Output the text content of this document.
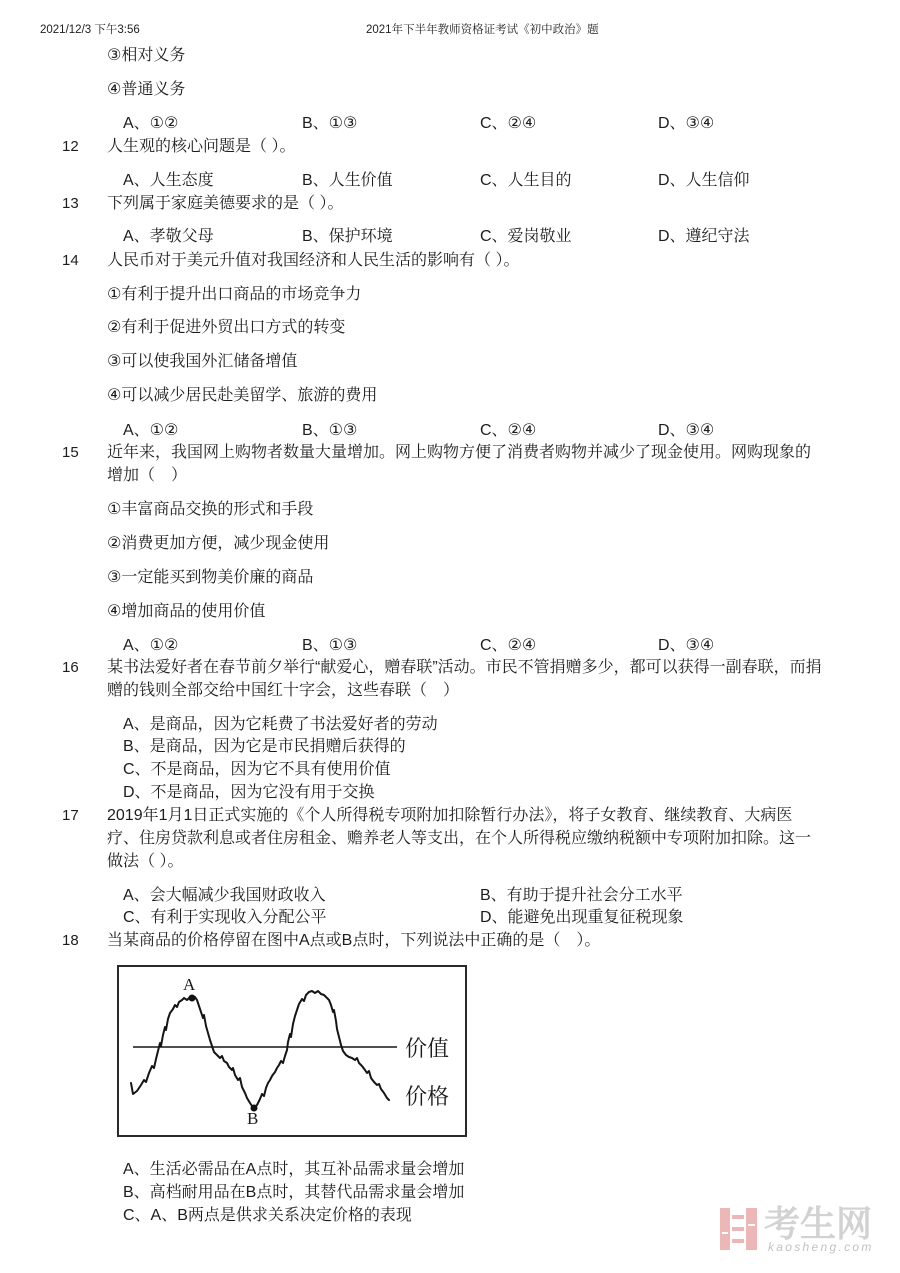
2021/12/3 下午3:56	2021年下半年教师资格证考试《初中政治》题
③相对义务
④普通义务
A、①②	B、①③	C、②④	D、③④
12 人生观的核心问题是（ ）。
A、人生态度	B、人生价值	C、人生目的	D、人生信仰
13 下列属于家庭美德要求的是（ ）。
A、孝敬父母	B、保护环境	C、爱岗敬业	D、遵纪守法
14 人民币对于美元升值对我国经济和人民生活的影响有（ ）。
①有利于提升出口商品的市场竞争力
②有利于促进外贸出口方式的转变
③可以使我国外汇储备增值
④可以减少居民赴美留学、旅游的费用
A、①②	B、①③	C、②④	D、③④
15 近年来，我国网上购物者数量大量增加。网上购物方便了消费者购物并减少了现金使用。网购现象的
增加（　）
①丰富商品交换的形式和手段
②消费更加方便，减少现金使用
③一定能买到物美价廉的商品
④增加商品的使用价值
A、①②	B、①③	C、②④	D、③④
16 某书法爱好者在春节前夕举行“献爱心，赠春联”活动。市民不管捐赠多少，都可以获得一副春联，而捐
赠的钱则全部交给中国红十字会，这些春联（　）
A、是商品，因为它耗费了书法爱好者的劳动
B、是商品，因为它是市民捐赠后获得的
C、不是商品，因为它不具有使用价值
D、不是商品，因为它没有用于交换
17 2019年1月1日正式实施的《个人所得税专项附加扣除暂行办法》，将子女教育、继续教育、大病医
疗、住房贷款利息或者住房租金、赡养老人等支出，在个人所得税应缴纳税额中专项附加扣除。这一
做法（ ）。
A、会大幅减少我国财政收入	B、有助于提升社会分工水平
C、有利于实现收入分配公平	D、能避免出现重复征税现象
18 当某商品的价格停留在图中A点或B点时，下列说法中正确的是（　）。
A
B
价值
价格
A、生活必需品在A点时，其互补品需求量会增加
B、高档耐用品在B点时，其替代品需求量会增加
C、A、B两点是供求关系决定价格的表现	考生网
kaosheng.com
